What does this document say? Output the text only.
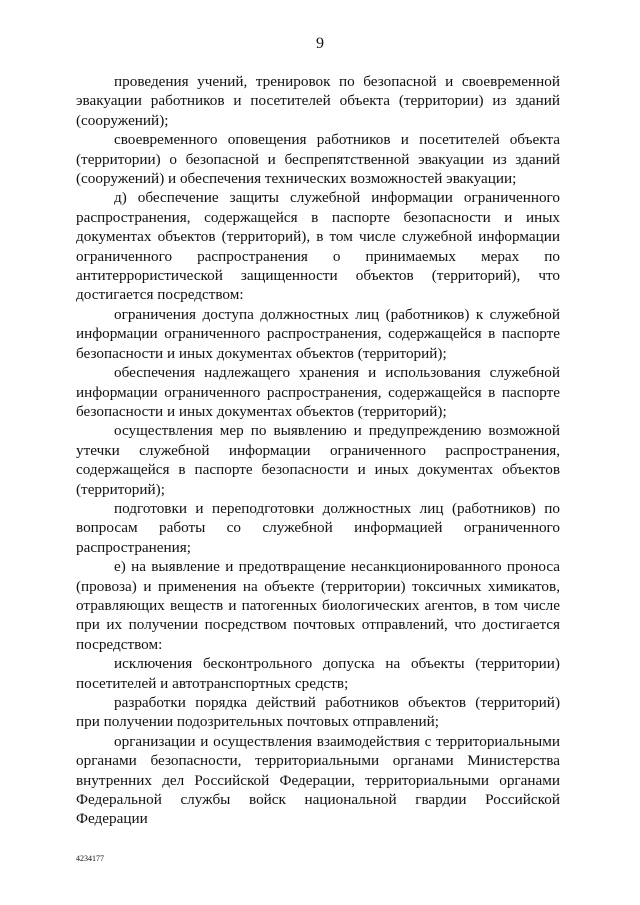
9

проведения учений, тренировок по безопасной и своевременной эвакуации работников и посетителей объекта (территории) из зданий (сооружений);

своевременного оповещения работников и посетителей объекта (территории) о безопасной и беспрепятственной эвакуации из зданий (сооружений) и обеспечения технических возможностей эвакуации;

д) обеспечение защиты служебной информации ограниченного распространения, содержащейся в паспорте безопасности и иных документах объектов (территорий), в том числе служебной информации ограниченного распространения о принимаемых мерах по антитеррористической защищенности объектов (территорий), что достигается посредством:

ограничения доступа должностных лиц (работников) к служебной информации ограниченного распространения, содержащейся в паспорте безопасности и иных документах объектов (территорий);

обеспечения надлежащего хранения и использования служебной информации ограниченного распространения, содержащейся в паспорте безопасности и иных документах объектов (территорий);

осуществления мер по выявлению и предупреждению возможной утечки служебной информации ограниченного распространения, содержащейся в паспорте безопасности и иных документах объектов (территорий);

подготовки и переподготовки должностных лиц (работников) по вопросам работы со служебной информацией ограниченного распространения;

е) на выявление и предотвращение несанкционированного проноса (провоза) и применения на объекте (территории) токсичных химикатов, отравляющих веществ и патогенных биологических агентов, в том числе при их получении посредством почтовых отправлений, что достигается посредством:

исключения бесконтрольного допуска на объекты (территории) посетителей и автотранспортных средств;

разработки порядка действий работников объектов (территорий) при получении подозрительных почтовых отправлений;

организации и осуществления взаимодействия с территориальными органами безопасности, территориальными органами Министерства внутренних дел Российской Федерации, территориальными органами Федеральной службы войск национальной гвардии Российской Федерации

4234177
